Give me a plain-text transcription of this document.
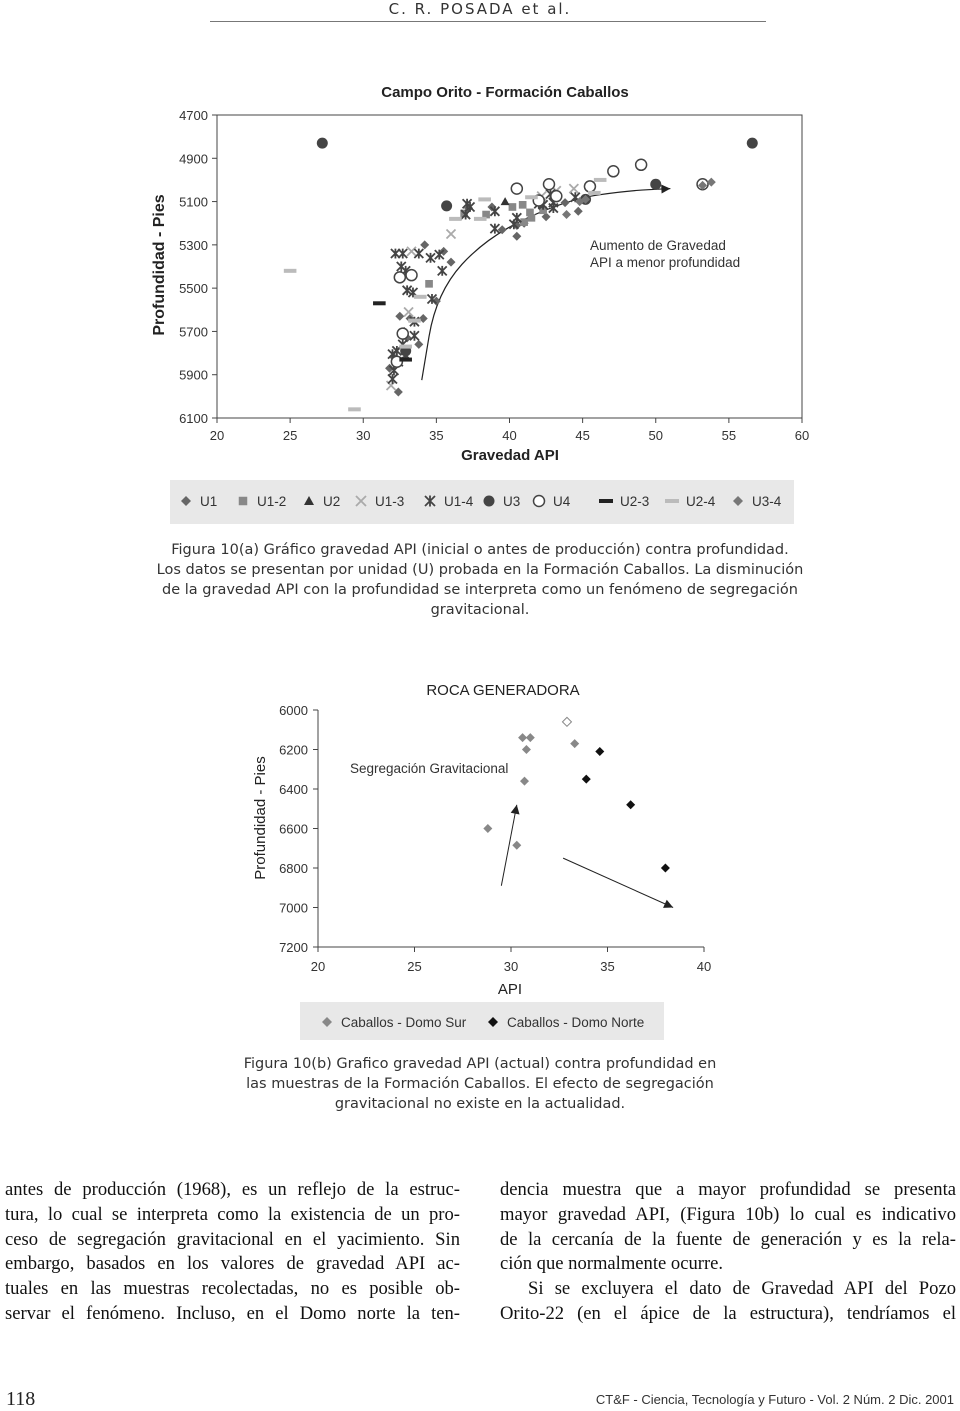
C. R. POSADA et al.
Campo Orito - Formación Caballos
Profundidad - Pies
Gravedad API
Aumento de Gravedad
API a menor profundidad
20	25	30	35	40	45	50	55	60
4700
4900
5100
5300
5500
5700
5900
6100
U1	U1-2	U2	U1-3	U1-4 U3 U4	U2-3	U2-4	U3-4
Figura 10(a) Gráfico gravedad API (inicial o antes de producción) contra profundidad.
Los datos se presentan por unidad (U) probada en la Formación Caballos. La disminución
de la gravedad API con la profundidad se interpreta como un fenómeno de segregación
gravitacional.
ROCA GENERADORA
Profundidad - Pies
API
Segregación Gravitacional
20	25	30	35	40
6000
6200
6400
6600
6800
7000
7200
Caballos - Domo Sur	Caballos - Domo Norte
Figura 10(b) Grafico gravedad API (actual) contra profundidad en
las muestras de la Formación Caballos. El efecto de segregación
gravitacional no existe en la actualidad.
antes de producción (1968), es un reflejo de la estruc-
tura, lo cual se interpreta como la existencia de un pro-
ceso de segregación gravitacional en el yacimiento. Sin
embargo, basados en los valores de gravedad API ac-
tuales en las muestras recolectadas, no es posible ob-
servar el fenómeno. Incluso, en el Domo norte la ten-
dencia muestra que a mayor profundidad se presenta
mayor gravedad API, (Figura 10b) lo cual es indicativo
de la cercanía de la fuente de generación y es la rela-
ción que normalmente ocurre.
Si se excluyera el dato de Gravedad API del Pozo
Orito-22 (en el ápice de la estructura), tendríamos el
118	CT&F - Ciencia, Tecnología y Futuro - Vol. 2 Núm. 2 Dic. 2001
